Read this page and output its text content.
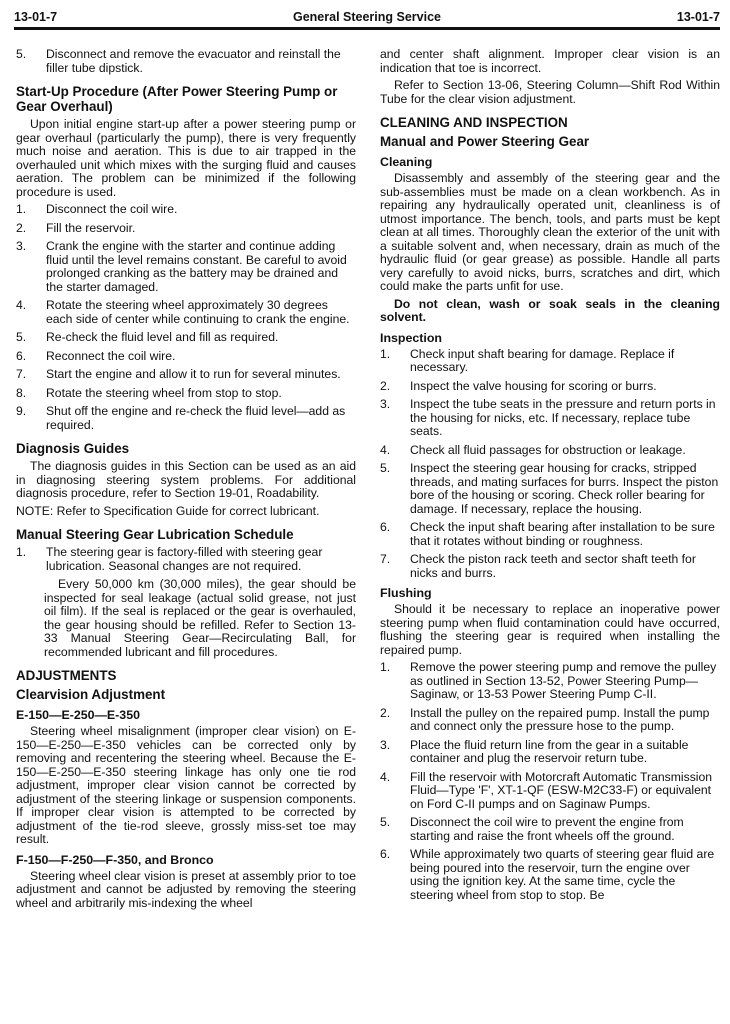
13-01-7	General Steering Service	13-01-7
5. Disconnect and remove the evacuator and reinstall the filler tube dipstick.
Start-Up Procedure (After Power Steering Pump or Gear Overhaul)

Upon initial engine start-up after a power steering pump or gear overhaul (particularly the pump), there is very frequently much noise and aeration. This is due to air trapped in the overhauled unit which mixes with the surging fluid and causes aeration. The problem can be minimized if the following procedure is used.

1. Disconnect the coil wire.
2. Fill the reservoir.
3. Crank the engine with the starter and continue adding fluid until the level remains constant. Be careful to avoid prolonged cranking as the battery may be drained and the starter damaged.
4. Rotate the steering wheel approximately 30 degrees each side of center while continuing to crank the engine.
5. Re-check the fluid level and fill as required.
6. Reconnect the coil wire.
7. Start the engine and allow it to run for several minutes.
8. Rotate the steering wheel from stop to stop.
9. Shut off the engine and re-check the fluid level—add as required.
Diagnosis Guides

The diagnosis guides in this Section can be used as an aid in diagnosing steering system problems. For additional diagnosis procedure, refer to Section 19-01, Roadability.

NOTE: Refer to Specification Guide for correct lubricant.

Manual Steering Gear Lubrication Schedule
1. The steering gear is factory-filled with steering gear lubrication. Seasonal changes are not required.

Every 50,000 km (30,000 miles), the gear should be inspected for seal leakage (actual solid grease, not just oil film). If the seal is replaced or the gear is overhauled, the gear housing should be refilled. Refer to Section 13-33 Manual Steering Gear—Recirculating Ball, for recommended lubricant and fill procedures.

ADJUSTMENTS
Clearvision Adjustment
E-150—E-250—E-350

Steering wheel misalignment (improper clear vision) on E-150—E-250—E-350 vehicles can be corrected only by removing and recentering the steering wheel. Because the E-150—E-250—E-350 steering linkage has only one tie rod adjustment, improper clear vision cannot be corrected by adjustment of the steering linkage or suspension components. If improper clear vision is attempted to be corrected by adjustment of the tie-rod sleeve, grossly miss-set toe may result.

F-150—F-250—F-350, and Bronco

Steering wheel clear vision is preset at assembly prior to toe adjustment and cannot be adjusted by removing the steering wheel and arbitrarily mis-indexing the wheel

and center shaft alignment. Improper clear vision is an indication that toe is incorrect.

Refer to Section 13-06, Steering Column—Shift Rod Within Tube for the clear vision adjustment.

CLEANING AND INSPECTION
Manual and Power Steering Gear
Cleaning

Disassembly and assembly of the steering gear and the sub-assemblies must be made on a clean workbench. As in repairing any hydraulically operated unit, cleanliness is of utmost importance. The bench, tools, and parts must be kept clean at all times. Thoroughly clean the exterior of the unit with a suitable solvent and, when necessary, drain as much of the hydraulic fluid (or gear grease) as possible. Handle all parts very carefully to avoid nicks, burrs, scratches and dirt, which could make the parts unfit for use.

Do not clean, wash or soak seals in the cleaning solvent.

Inspection
1. Check input shaft bearing for damage. Replace if necessary.
2. Inspect the valve housing for scoring or burrs.
3. Inspect the tube seats in the pressure and return ports in the housing for nicks, etc. If necessary, replace tube seats.
4. Check all fluid passages for obstruction or leakage.
5. Inspect the steering gear housing for cracks, stripped threads, and mating surfaces for burrs. Inspect the piston bore of the housing or scoring. Check roller bearing for damage. If necessary, replace the housing.
6. Check the input shaft bearing after installation to be sure that it rotates without binding or roughness.
7. Check the piston rack teeth and sector shaft teeth for nicks and burrs.
Flushing

Should it be necessary to replace an inoperative power steering pump when fluid contamination could have occurred, flushing the steering gear is required when installing the repaired pump.

1. Remove the power steering pump and remove the pulley as outlined in Section 13-52, Power Steering Pump—Saginaw, or 13-53 Power Steering Pump C-II.
2. Install the pulley on the repaired pump. Install the pump and connect only the pressure hose to the pump.
3. Place the fluid return line from the gear in a suitable container and plug the reservoir return tube.
4. Fill the reservoir with Motorcraft Automatic Transmission Fluid—Type 'F', XT-1-QF (ESW-M2C33-F) or equivalent on Ford C-II pumps and on Saginaw Pumps.
5. Disconnect the coil wire to prevent the engine from starting and raise the front wheels off the ground.
6. While approximately two quarts of steering gear fluid are being poured into the reservoir, turn the engine over using the ignition key. At the same time, cycle the steering wheel from stop to stop. Be
